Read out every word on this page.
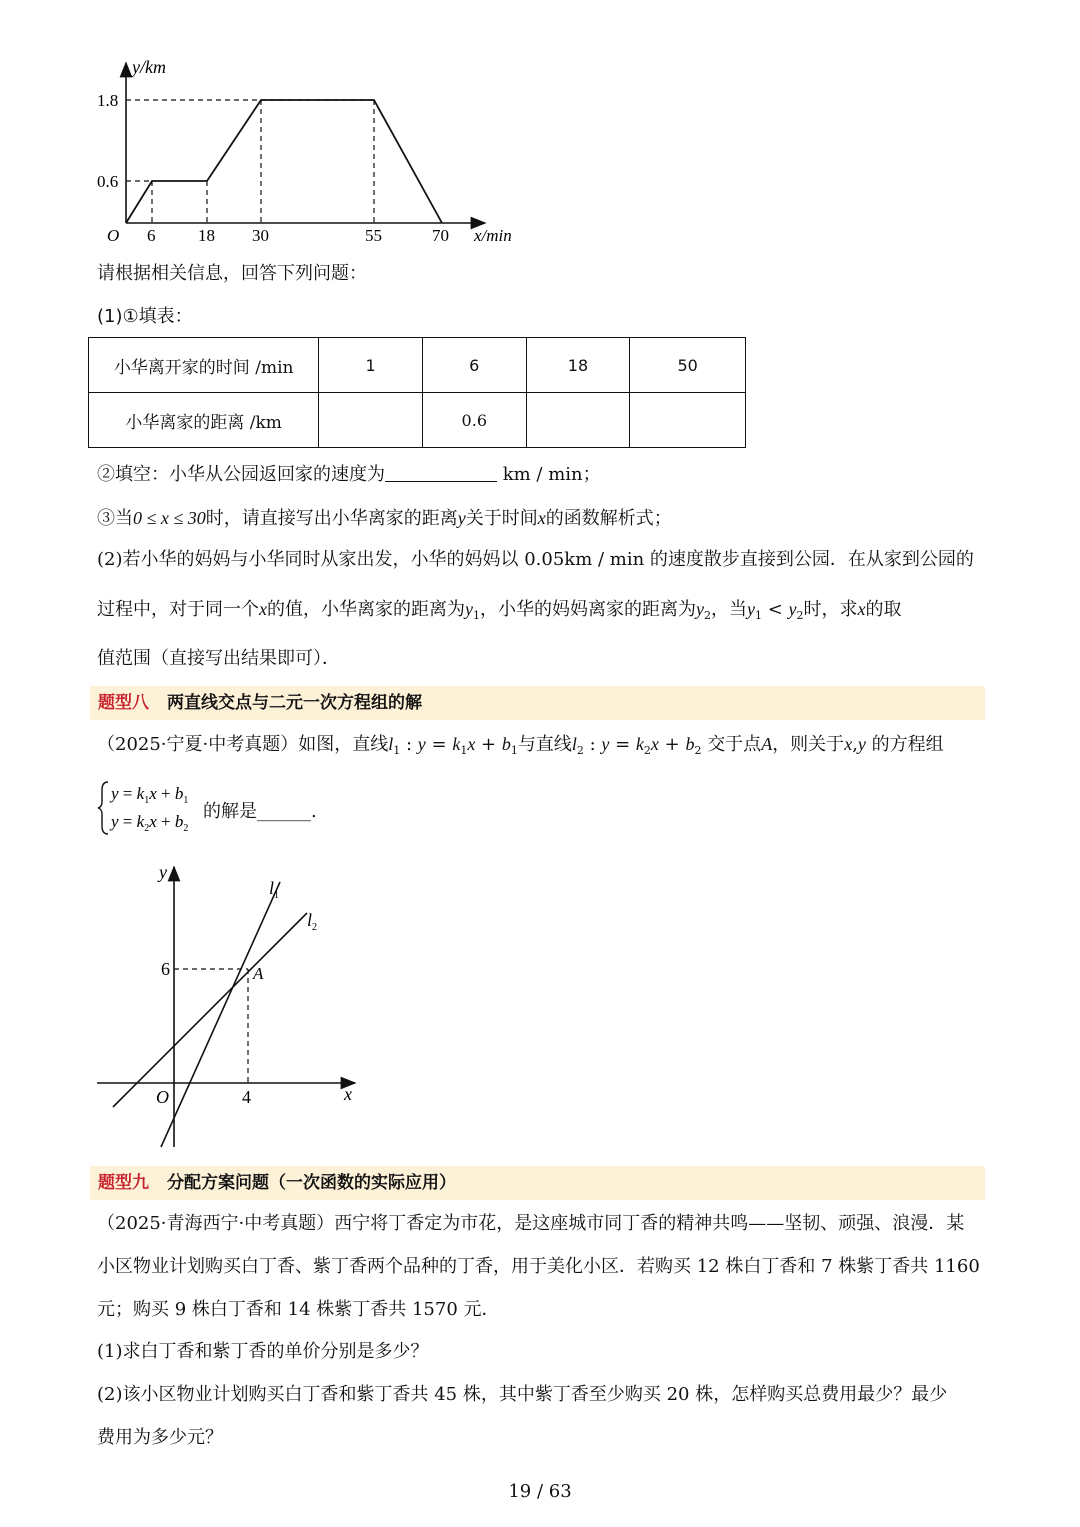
y/km
1.8
0.6
O 6	18 30	55	70 x/min
请根据相关信息，回答下列问题：
(1)①填表：
小华离开家的时间 /min	1	6	18	50
小华离家的距离 /km		0.6		
②填空：小华从公园返回家的速度为	km / min；
③当0 ≤ x ≤ 30时，请直接写出小华离家的距离y关于时间x的函数解析式；
(2)若小华的妈妈与小华同时从家出发，小华的妈妈以 0.05km / min 的速度散步直接到公园．在从家到公园的
过程中，对于同一个x的值，小华离家的距离为$y_1$，小华的妈妈离家的距离为$y_2$，当$y_1 < y_2$时，求x的取
值范围（直接写出结果即可）．
题型八 两直线交点与二元一次方程组的解
（2025·宁夏·中考真题）如图，直线$l_1$ : $y = k_1x + b_1$与直线$l_2$ : $y = k_2x + b_2$ 交于点A，则关于x,y 的方程组
$y = k_1x + b_1$
$y = k_2x + b_2$
的解是______.
y
x
O
6
4
A
$l_1$
$l_2$
题型九 分配方案问题（一次函数的实际应用）
（2025·青海西宁·中考真题）西宁将丁香定为市花，是这座城市同丁香的精神共鸣——坚韧、顽强、浪漫．某
小区物业计划购买白丁香、紫丁香两个品种的丁香，用于美化小区．若购买 12 株白丁香和 7 株紫丁香共 1160
元；购买 9 株白丁香和 14 株紫丁香共 1570 元．
(1)求白丁香和紫丁香的单价分别是多少？
(2)该小区物业计划购买白丁香和紫丁香共 45 株，其中紫丁香至少购买 20 株，怎样购买总费用最少？最少
费用为多少元？
19 / 63
